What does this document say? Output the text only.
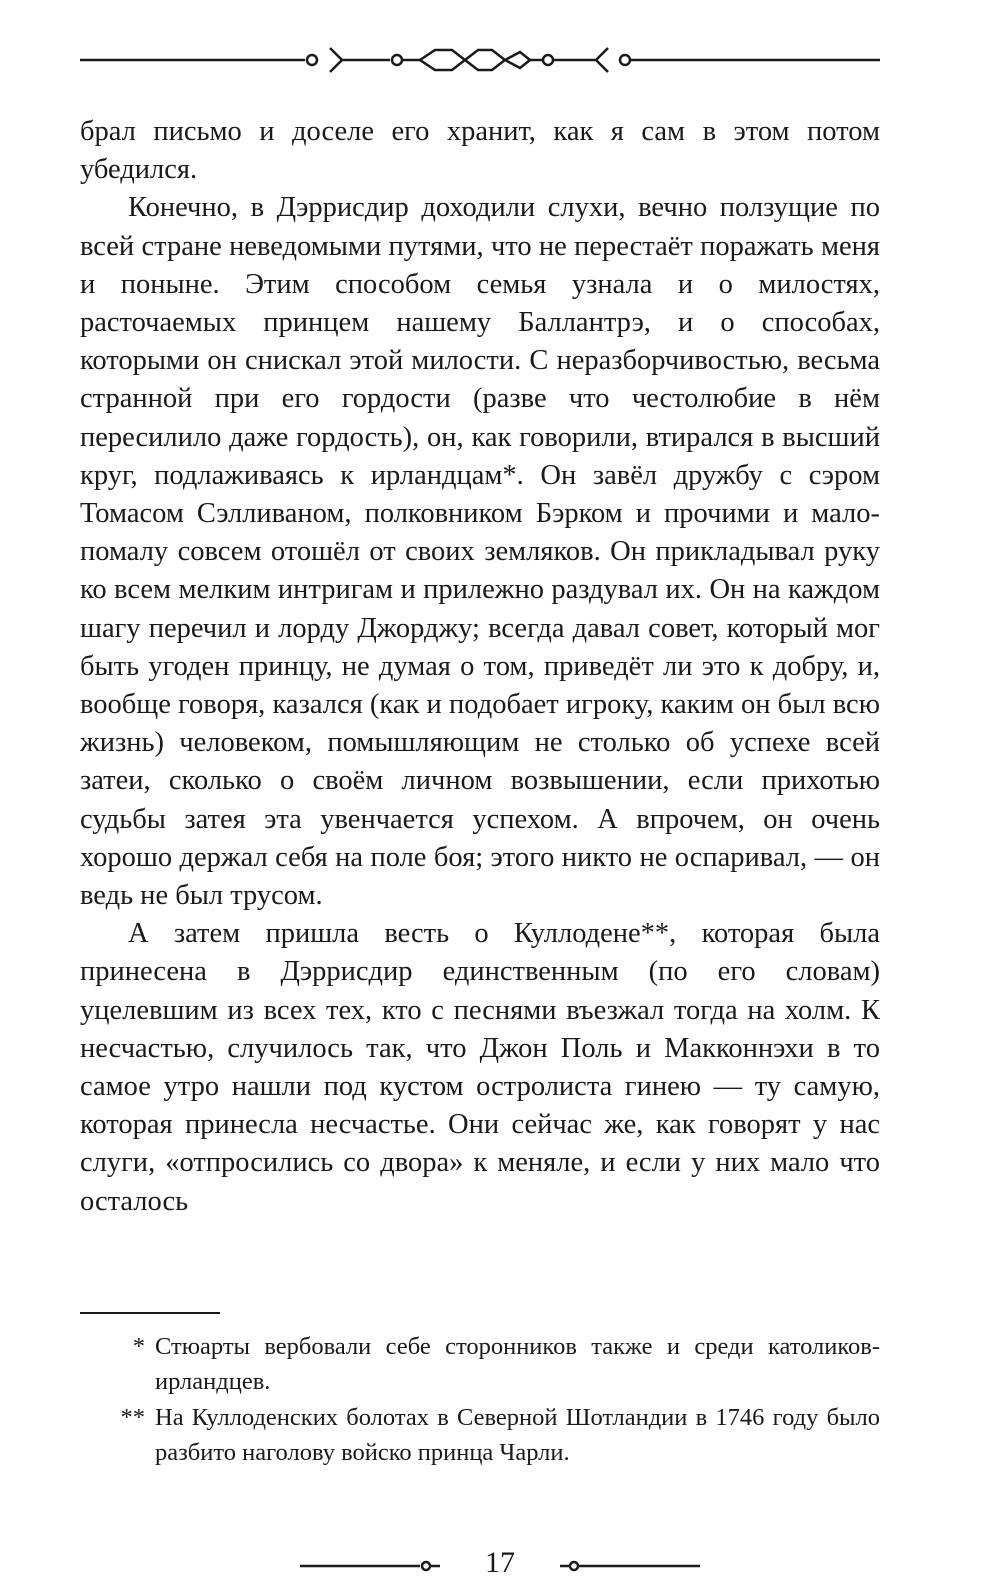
брал письмо и доселе его хранит, как я сам в этом потом убедился.

Конечно, в Дэррисдир доходили слухи, вечно ползущие по всей стране неведомыми путями, что не перестаёт поражать меня и поныне. Этим способом семья узнала и о милостях, расточаемых принцем нашему Баллантрэ, и о способах, которыми он снискал этой милости. С неразборчивостью, весьма странной при его гордости (разве что честолюбие в нём пересилило даже гордость), он, как говорили, втирался в высший круг, подлаживаясь к ирландцам*. Он завёл дружбу с сэром Томасом Сэлливаном, полковником Бэрком и прочими и мало-помалу совсем отошёл от своих земляков. Он прикладывал руку ко всем мелким интригам и прилежно раздувал их. Он на каждом шагу перечил и лорду Джорджу; всегда давал совет, который мог быть угоден принцу, не думая о том, приведёт ли это к добру, и, вообще говоря, казался (как и подобает игроку, каким он был всю жизнь) человеком, помышляющим не столько об успехе всей затеи, сколько о своём личном возвышении, если прихотью судьбы затея эта увенчается успехом. А впрочем, он очень хорошо держал себя на поле боя; этого никто не оспаривал, — он ведь не был трусом.

А затем пришла весть о Куллодене**, которая была принесена в Дэррисдир единственным (по его словам) уцелевшим из всех тех, кто с песнями въезжал тогда на холм. К несчастью, случилось так, что Джон Поль и Макконнэхи в то самое утро нашли под кустом остролиста гинею — ту самую, которая принесла несчастье. Они сейчас же, как говорят у нас слуги, «отпросились со двора» к меняле, и если у них мало что осталось

* Стюарты вербовали себе сторонников также и среди католиков-ирландцев.
** На Куллоденских болотах в Северной Шотландии в 1746 году было разбито наголову войско принца Чарли.
17
